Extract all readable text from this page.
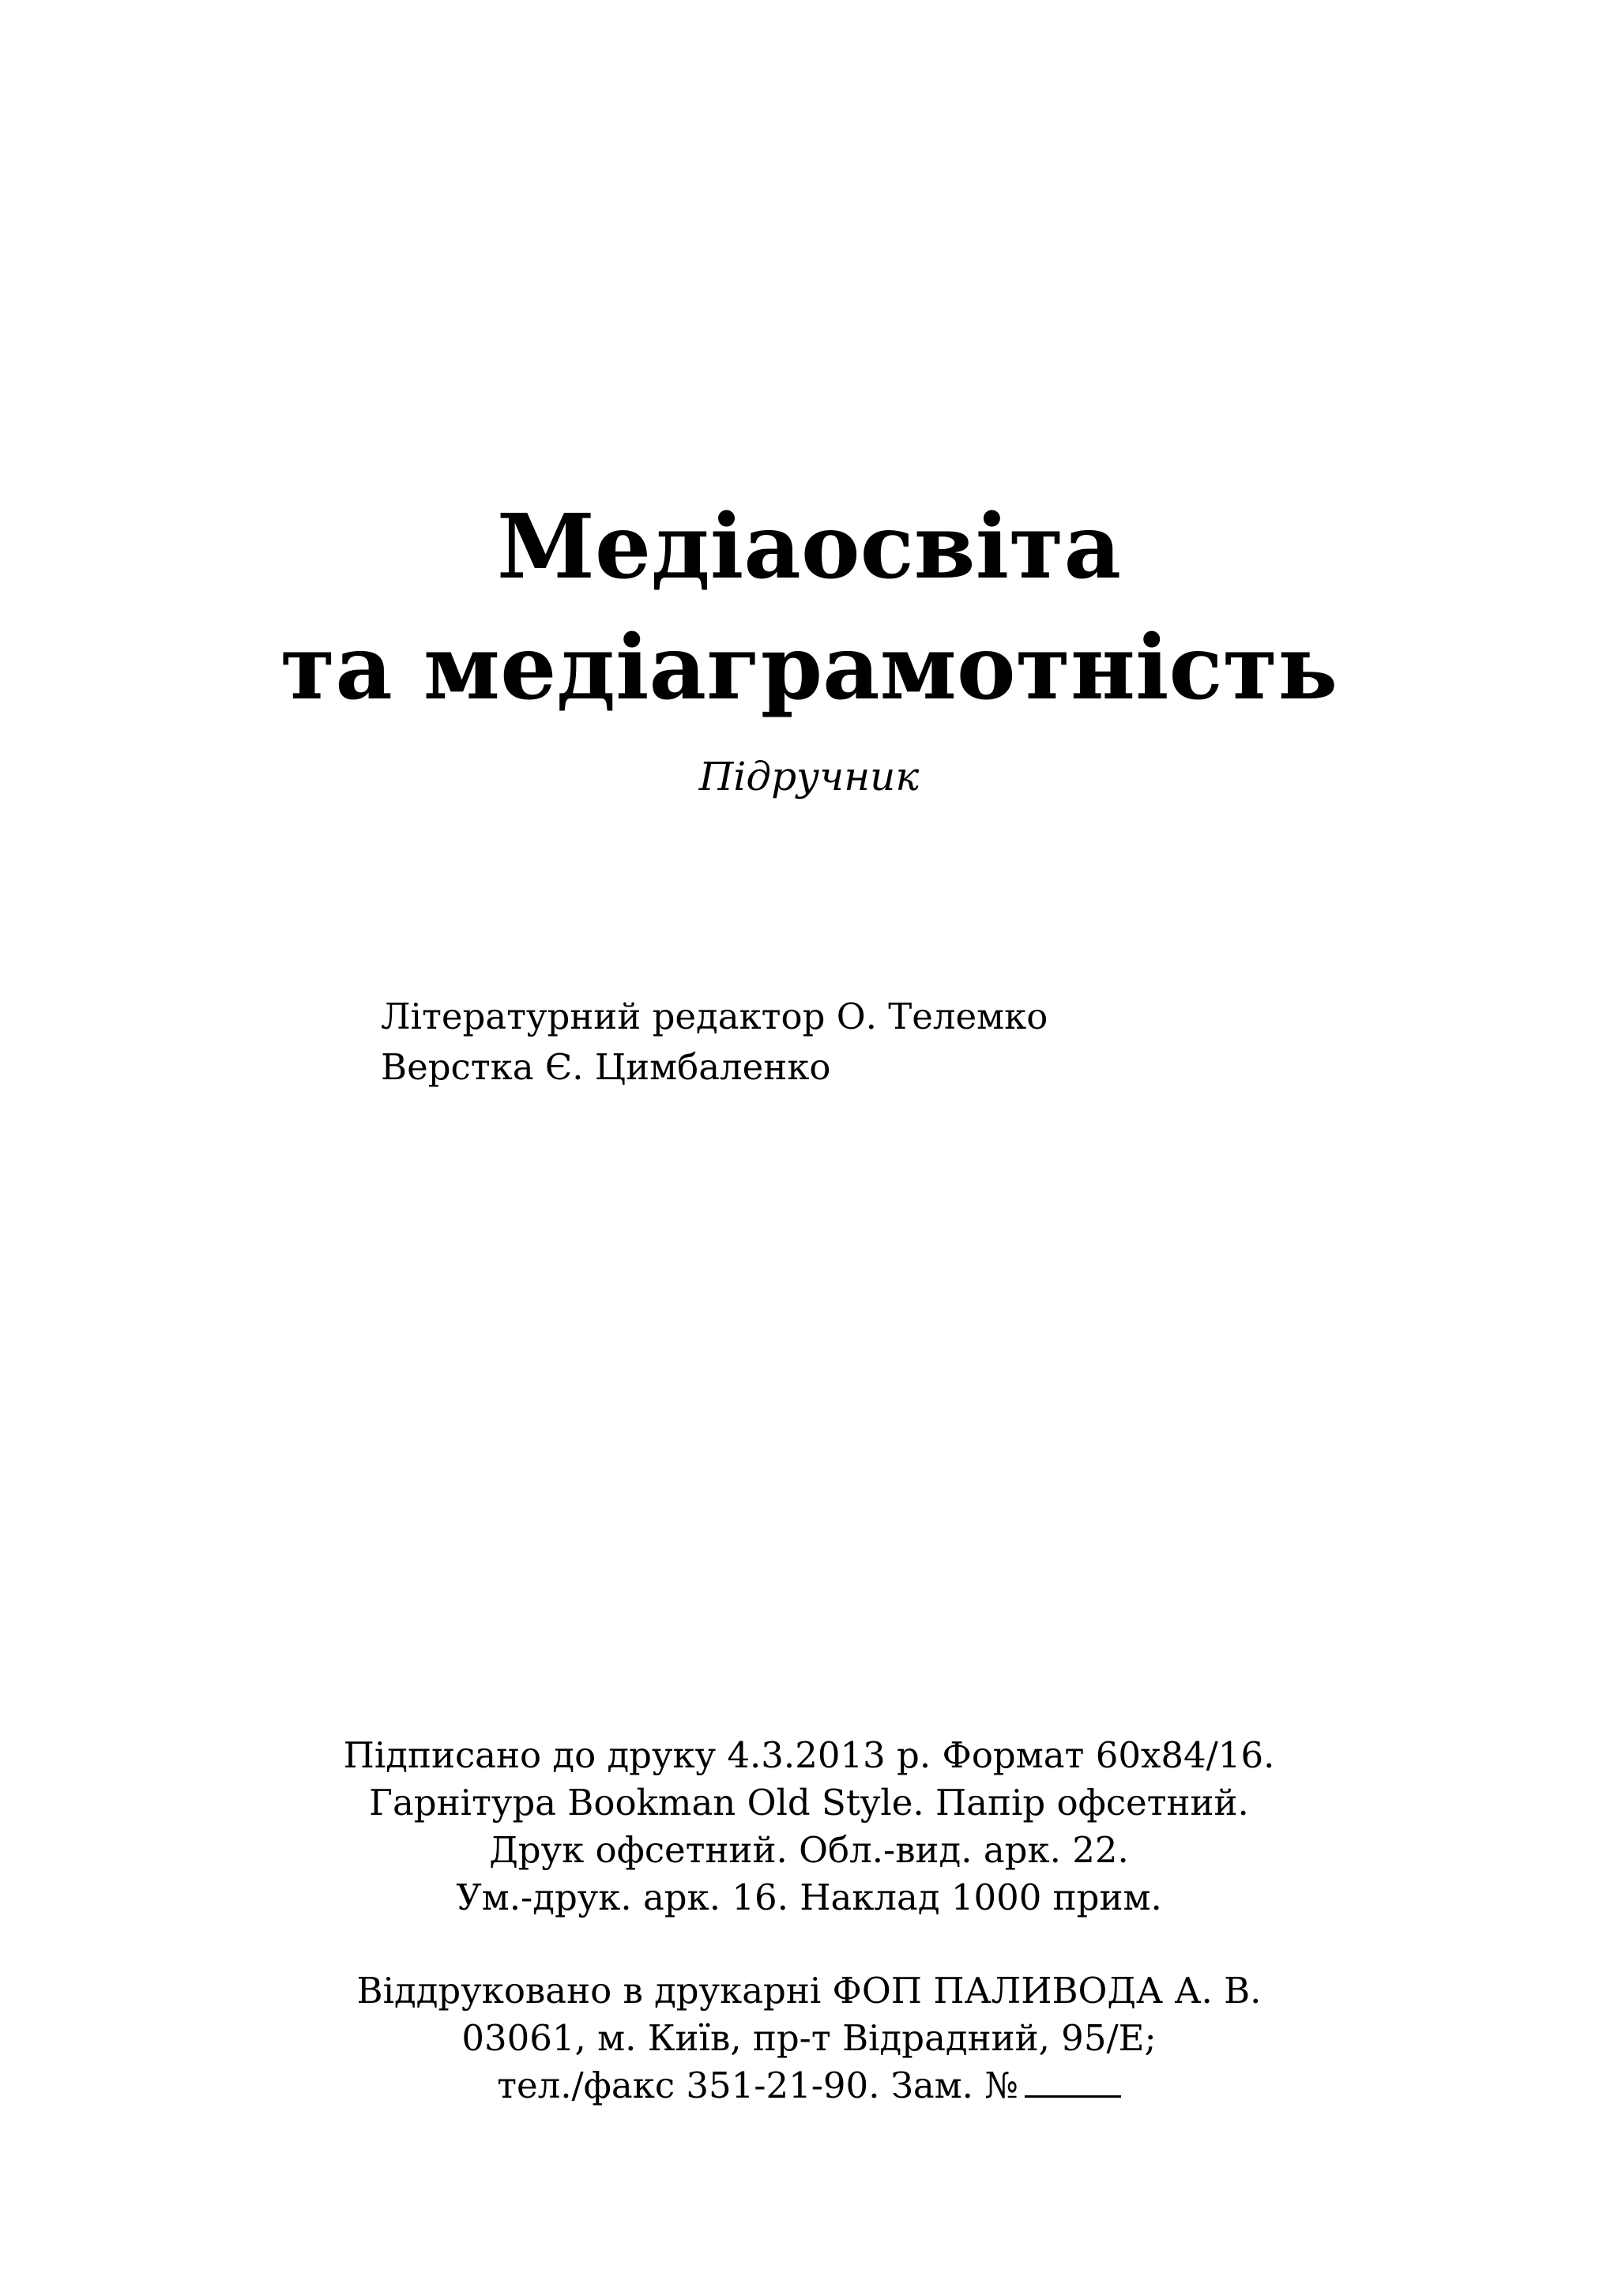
Медіаосвіта
та медіаграмотність
Підручник
Літературний редактор О. Телемко
Верстка Є. Цимбаленко
Підписано до друку 4.3.2013 р. Формат 60x84/16.
Гарнітура Bookman Old Style. Папір офсетний.
Друк офсетний. Обл.-вид. арк. 22.
Ум.-друк. арк. 16. Наклад 1000 прим.
Віддруковано в друкарні ФОП ПАЛИВОДА А. В.
03061, м. Київ, пр-т Відрадний, 95/Е;
тел./факс 351-21-90. Зам. №
